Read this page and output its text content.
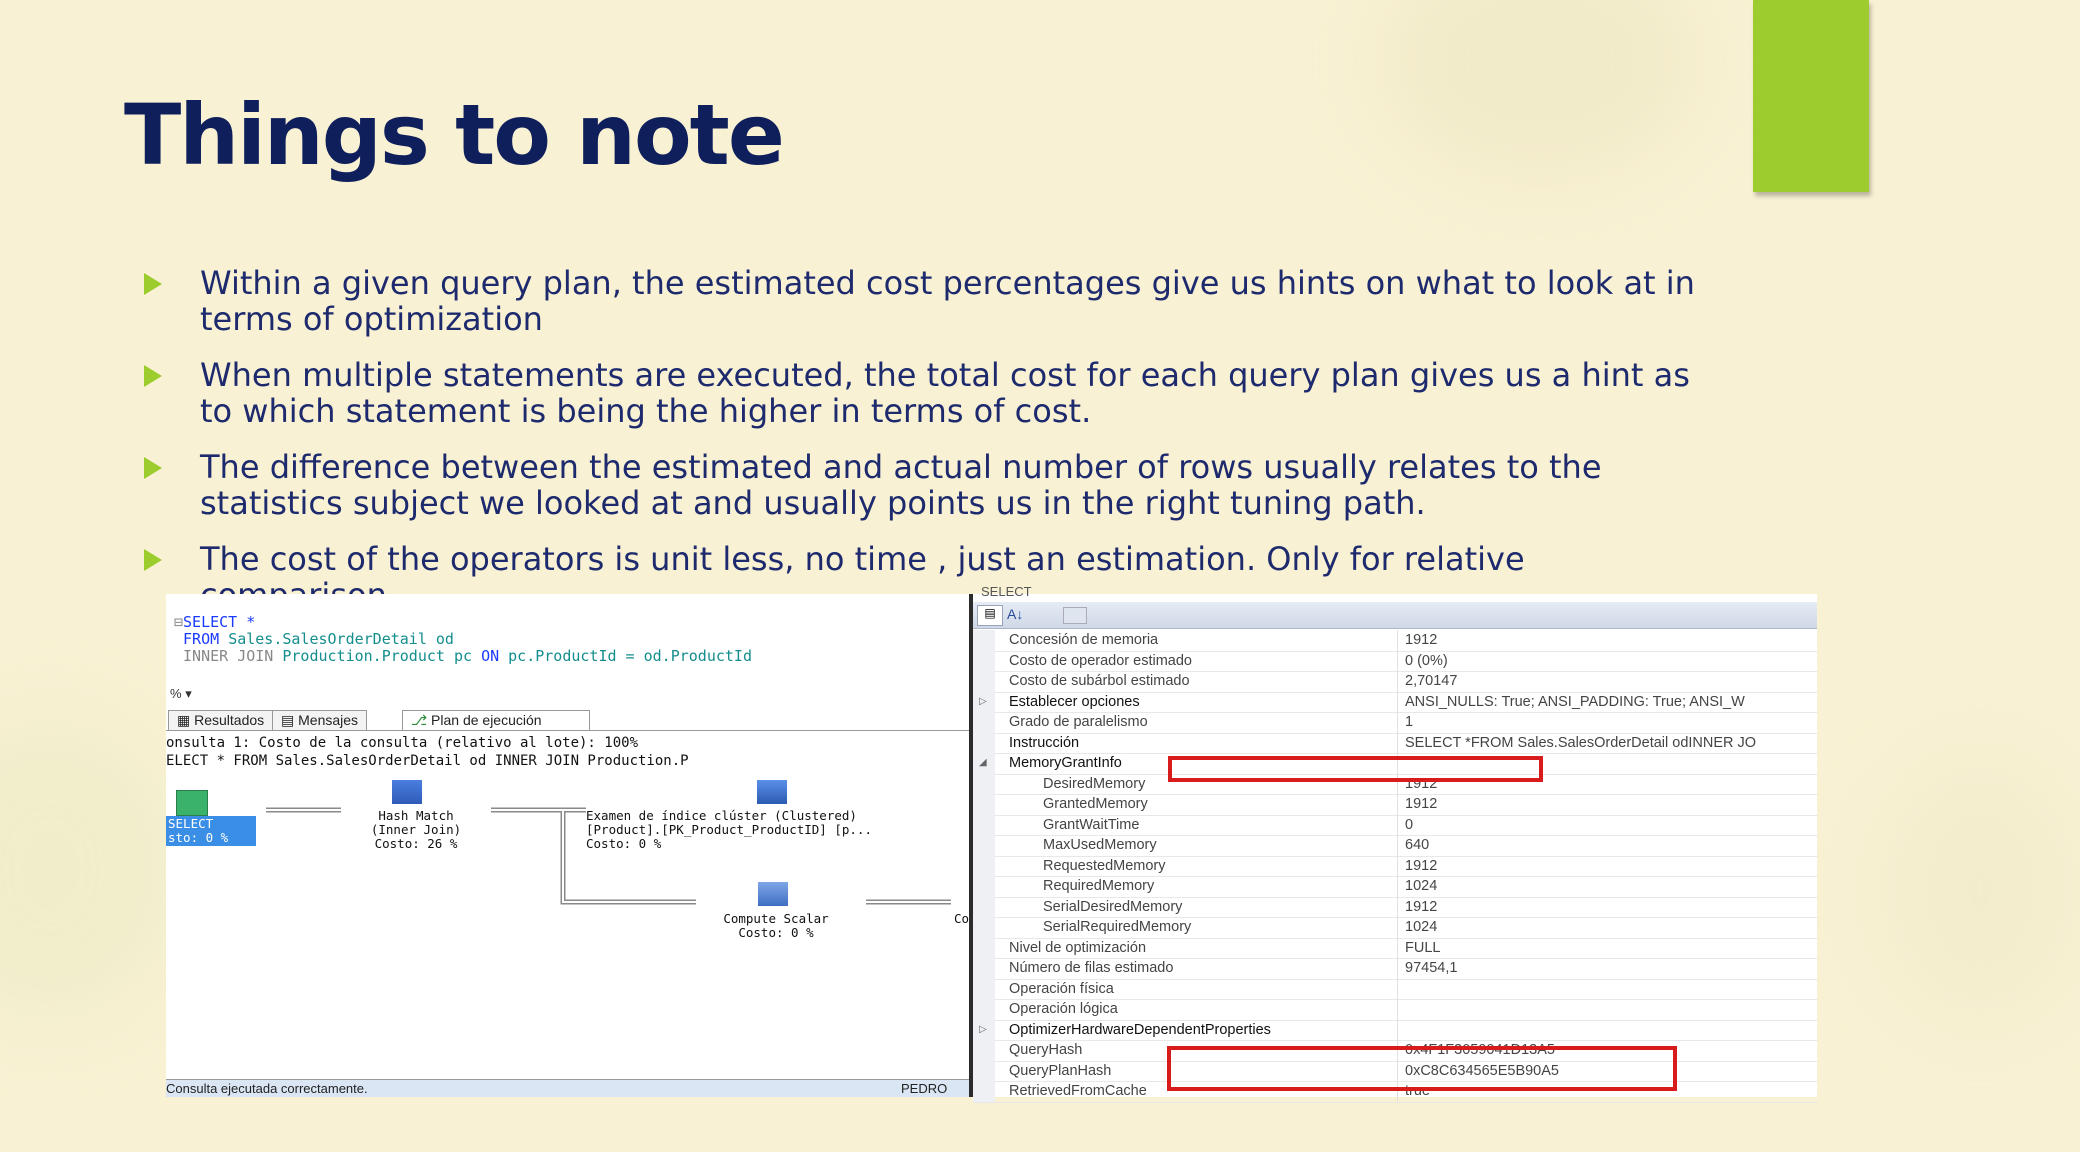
Things to note
Within a given query plan, the estimated cost percentages give us hints on what to look at in terms of optimization
When multiple statements are executed, the total cost for each query plan gives us a hint as to which statement is being the higher in terms of cost.
The difference between the estimated and actual number of rows usually relates to the statistics subject we looked at and usually points us in the right tuning path.
The cost of the operators is unit less, no time , just an estimation. Only for relative
⊟SELECT *
FROM Sales.SalesOrderDetail od
INNER JOIN Production.Product pc ON pc.ProductId = od.ProductId
% ▾
▦ Resultados	▤ Mensajes	⎇ Plan de ejecución
onsulta 1: Costo de la consulta (relativo al lote): 100%
ELECT * FROM Sales.SalesOrderDetail od INNER JOIN Production.P
SELECT
sto: 0 %
Hash Match
(Inner Join)
Costo: 26 %
Examen de índice clúster (Clustered)
[Product].[PK_Product_ProductID] [p...
Costo: 0 %
Compute Scalar
Costo: 0 %
Co
Consulta ejecutada correctamente.	PEDRO
SELECT
▤ A↓
Concesión de memoria	1912
Costo de operador estimado	0 (0%)
Costo de subárbol estimado	2,70147
▷ Establecer opciones	ANSI_NULLS: True; ANSI_PADDING: True; ANSI_W
Grado de paralelismo	1
Instrucción	SELECT *FROM Sales.SalesOrderDetail odINNER JO
◢ MemoryGrantInfo
DesiredMemory	1912
GrantedMemory	1912
GrantWaitTime	0
MaxUsedMemory	640
RequestedMemory	1912
RequiredMemory	1024
SerialDesiredMemory	1912
SerialRequiredMemory	1024
Nivel de optimización	FULL
Número de filas estimado	97454,1
Operación física
Operación lógica
▷ OptimizerHardwareDependentProperties
QueryHash	0x4F1F3059041D13A5
QueryPlanHash	0xC8C634565E5B90A5
RetrievedFromCache	true
